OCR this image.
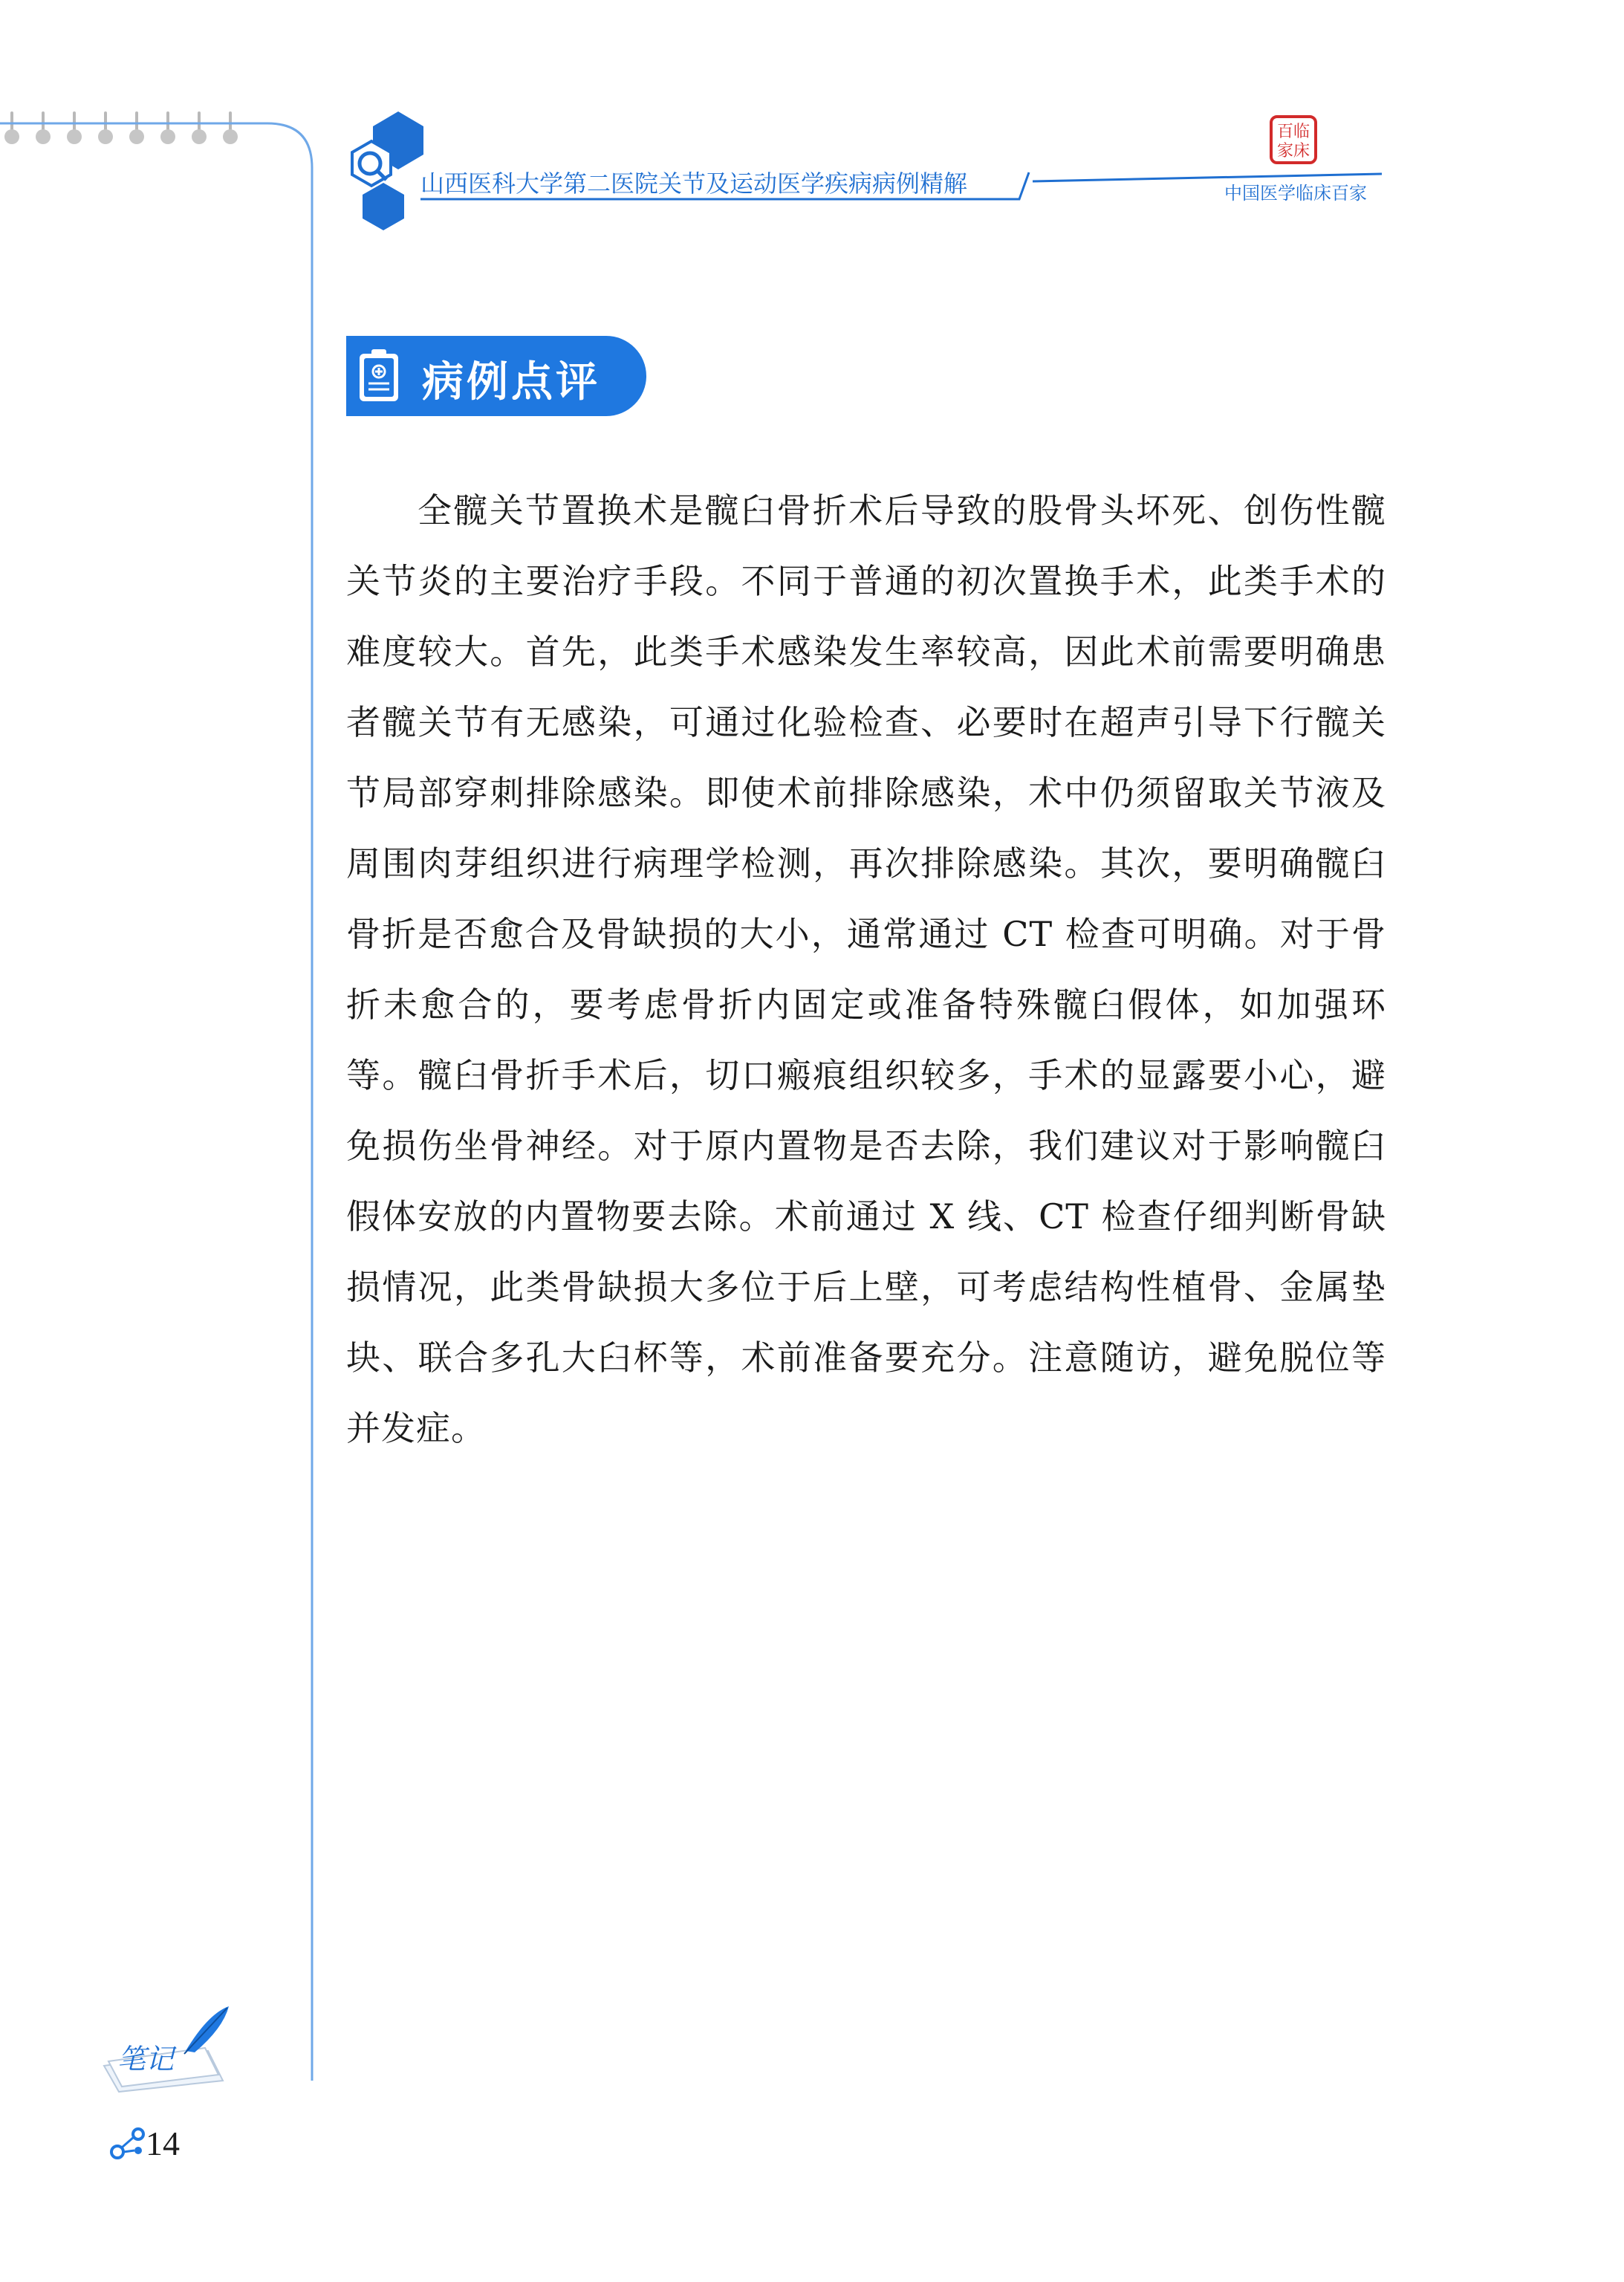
山西医科大学第二医院关节及运动医学疾病病例精解
百临
家床
中国医学临床百家
病例点评
全髋关节置换术是髋臼骨折术后导致的股骨头坏死、创伤性髋关节炎的主要治疗手段。不同于普通的初次置换手术，此类手术的难度较大。首先，此类手术感染发生率较高，因此术前需要明确患者髋关节有无感染，可通过化验检查、必要时在超声引导下行髋关节局部穿刺排除感染。即使术前排除感染，术中仍须留取关节液及周围肉芽组织进行病理学检测，再次排除感染。其次，要明确髋臼骨折是否愈合及骨缺损的大小，通常通过 CT 检查可明确。对于骨折未愈合的，要考虑骨折内固定或准备特殊髋臼假体，如加强环等。髋臼骨折手术后，切口瘢痕组织较多，手术的显露要小心，避免损伤坐骨神经。对于原内置物是否去除，我们建议对于影响髋臼假体安放的内置物要去除。术前通过 X 线、CT 检查仔细判断骨缺损情况，此类骨缺损大多位于后上壁，可考虑结构性植骨、金属垫块、联合多孔大臼杯等，术前准备要充分。注意随访，避免脱位等并发症。
笔记
14
